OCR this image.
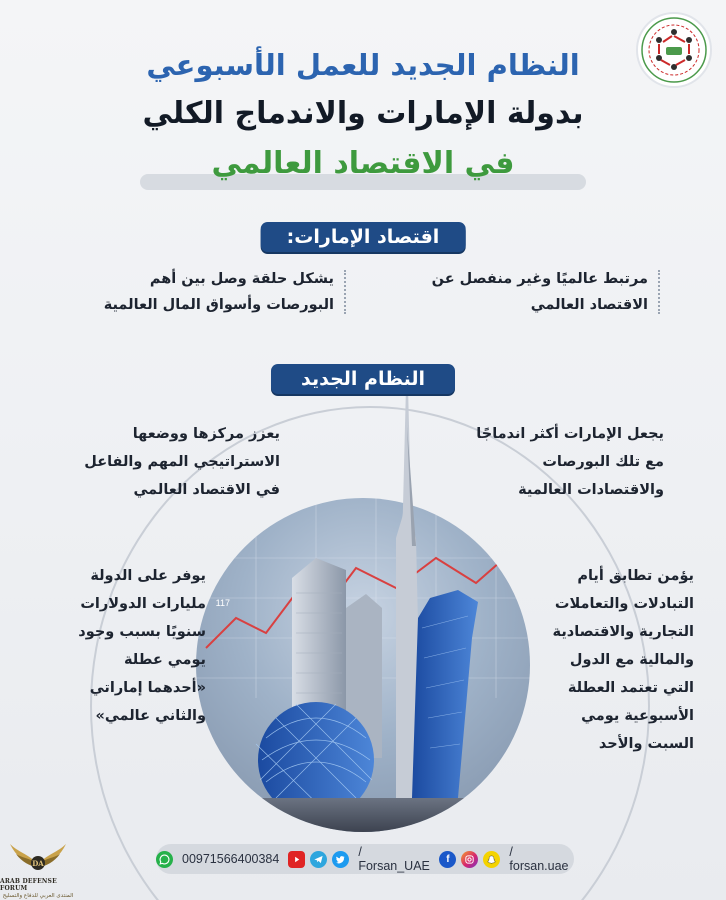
النظام الجديد للعمل الأسبوعي
بدولة الإمارات والاندماج الكلي
في الاقتصاد العالمي
اقتصاد الإمارات:
مرتبط عالميًا وغير منفصل عن
الاقتصاد العالمي
يشكل حلقة وصل بين أهم
البورصات وأسواق المال العالمية
117
النظام الجديد
يجعل الإمارات أكثر اندماجًا
مع تلك البورصات
والاقتصادات العالمية
يعزز مركزها ووضعها
الاستراتيجي المهم والفاعل
في الاقتصاد العالمي
يؤمن تطابق أيام
التبادلات والتعاملات
التجارية والاقتصادية
والمالية مع الدول
التي تعتمد العطلة
الأسبوعية يومي
السبت والأحد
يوفر على الدولة
مليارات الدولارات
سنويًا بسبب وجود
يومي عطلة
«أحدهما إماراتي
والثاني عالمي»
00971566400384	/ Forsan_UAE	f	/ forsan.uae
DA
ARAB DEFENSE FORUM
المنتدى العربي للدفاع والتسليح
